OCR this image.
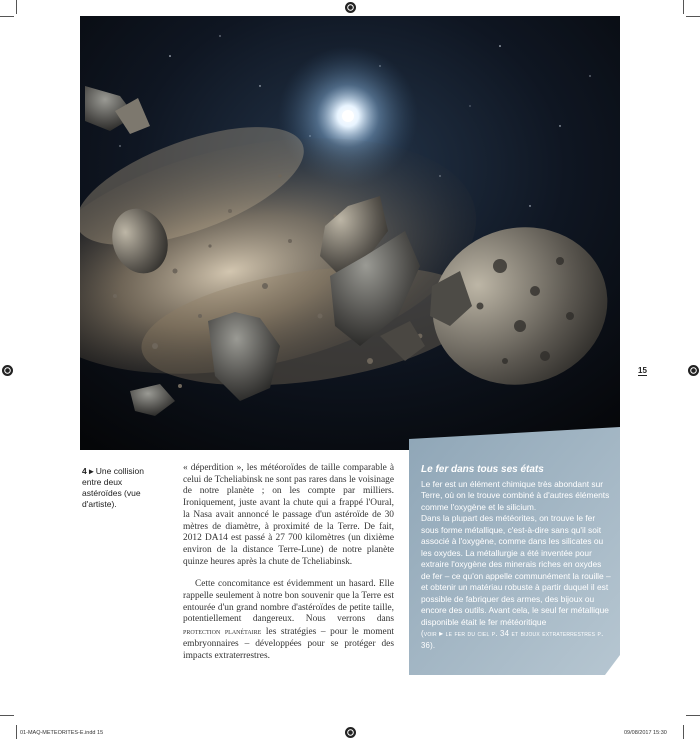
15
4 ▸ Une collision entre deux astéroïdes (vue d'artiste).

« déperdition », les météoroïdes de taille comparable à celui de Tcheliabinsk ne sont pas rares dans le voisinage de notre planète ; on les compte par milliers. Ironiquement, juste avant la chute qui a frappé l'Oural, la Nasa avait annoncé le passage d'un astéroïde de 30 mètres de diamètre, à proximité de la Terre. De fait, 2012 DA14 est passé à 27 700 kilomètres (un dixième environ de la distance Terre-Lune) de notre planète quinze heures après la chute de Tcheliabinsk.

Cette concomitance est évidemment un hasard. Elle rappelle seulement à notre bon souvenir que la Terre est entourée d'un grand nombre d'astéroïdes de petite taille, potentiellement dangereux. Nous verrons dans protection planétaire les stratégies – pour le moment embryonnaires – développées pour se protéger des impacts extraterrestres.

Le fer dans tous ses états

Le fer est un élément chimique très abondant sur Terre, où on le trouve combiné à d'autres éléments comme l'oxygène et le silicium.

Dans la plupart des météorites, on trouve le fer sous forme métallique, c'est-à-dire sans qu'il soit associé à l'oxygène, comme dans les silicates ou les oxydes. La métallurgie a été inventée pour extraire l'oxygène des minerais riches en oxydes de fer – ce qu'on appelle communément la rouille – et obtenir un matériau robuste à partir duquel il est possible de fabriquer des armes, des bijoux ou encore des outils. Avant cela, le seul fer métallique disponible était le fer météoritique

(voir ▸ le fer du ciel p. 34 et bijoux extraterrestres p. 36).

01-MAQ-METEORITES-E.indd 15	09/08/2017 15:30
